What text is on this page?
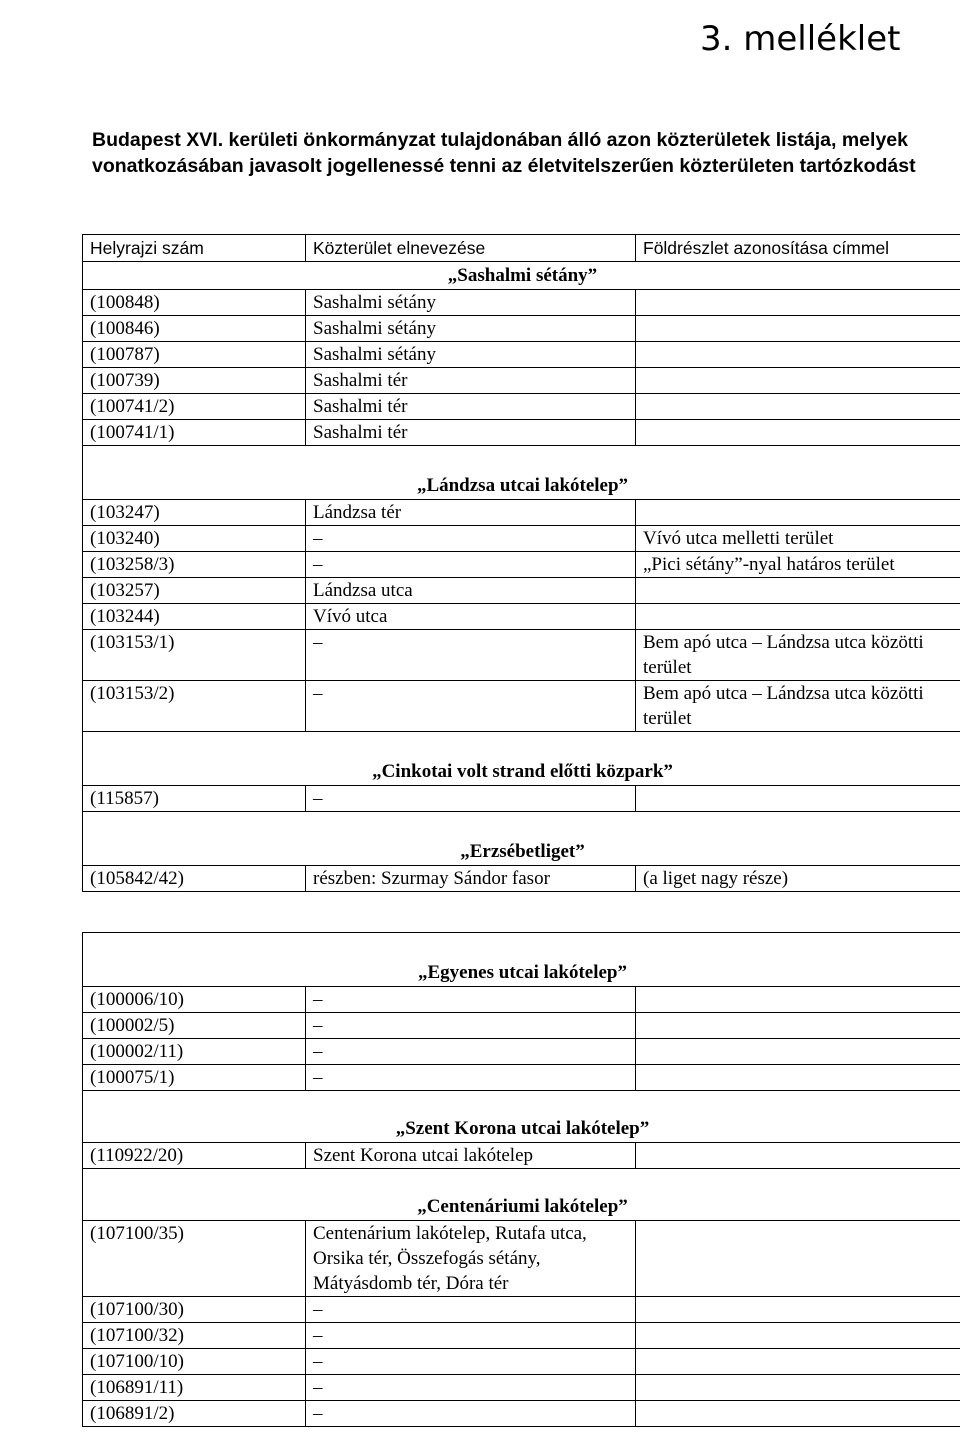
3. melléklet

Budapest XVI. kerületi önkormányzat tulajdonában álló azon közterületek listája, melyek vonatkozásában javasolt jogellenessé tenni az életvitelszerűen közterületen tartózkodást

Helyrajzi szám	Közterület elnevezése	Földrészlet azonosítása címmel
„Sashalmi sétány”		
(100848)	Sashalmi sétány	
(100846)	Sashalmi sétány	
(100787)	Sashalmi sétány	
(100739)	Sashalmi tér	
(100741/2)	Sashalmi tér	
(100741/1)	Sashalmi tér	
„Lándzsa utcai lakótelep”		
(103247)	Lándzsa tér	
(103240)	–	Vívó utca melletti terület
(103258/3)	–	„Pici sétány”-nyal határos terület
(103257)	Lándzsa utca	
(103244)	Vívó utca	
(103153/1)	–	Bem apó utca – Lándzsa utca közötti terület
(103153/2)	–	Bem apó utca – Lándzsa utca közötti terület
„Cinkotai volt strand előtti közpark”		
(115857)	–	
„Erzsébetliget”		
(105842/42)	részben: Szurmay Sándor fasor	(a liget nagy része)
„Egyenes utcai lakótelep”		
(100006/10)	–	
(100002/5)	–	
(100002/11)	–	
(100075/1)	–	
„Szent Korona utcai lakótelep”		
(110922/20)	Szent Korona utcai lakótelep	
„Centenáriumi lakótelep”		
(107100/35)	Centenárium lakótelep, Rutafa utca, Orsika tér, Összefogás sétány, Mátyásdomb tér, Dóra tér	
(107100/30)	–	
(107100/32)	–	
(107100/10)	–	
(106891/11)	–	
(106891/2)	–	
